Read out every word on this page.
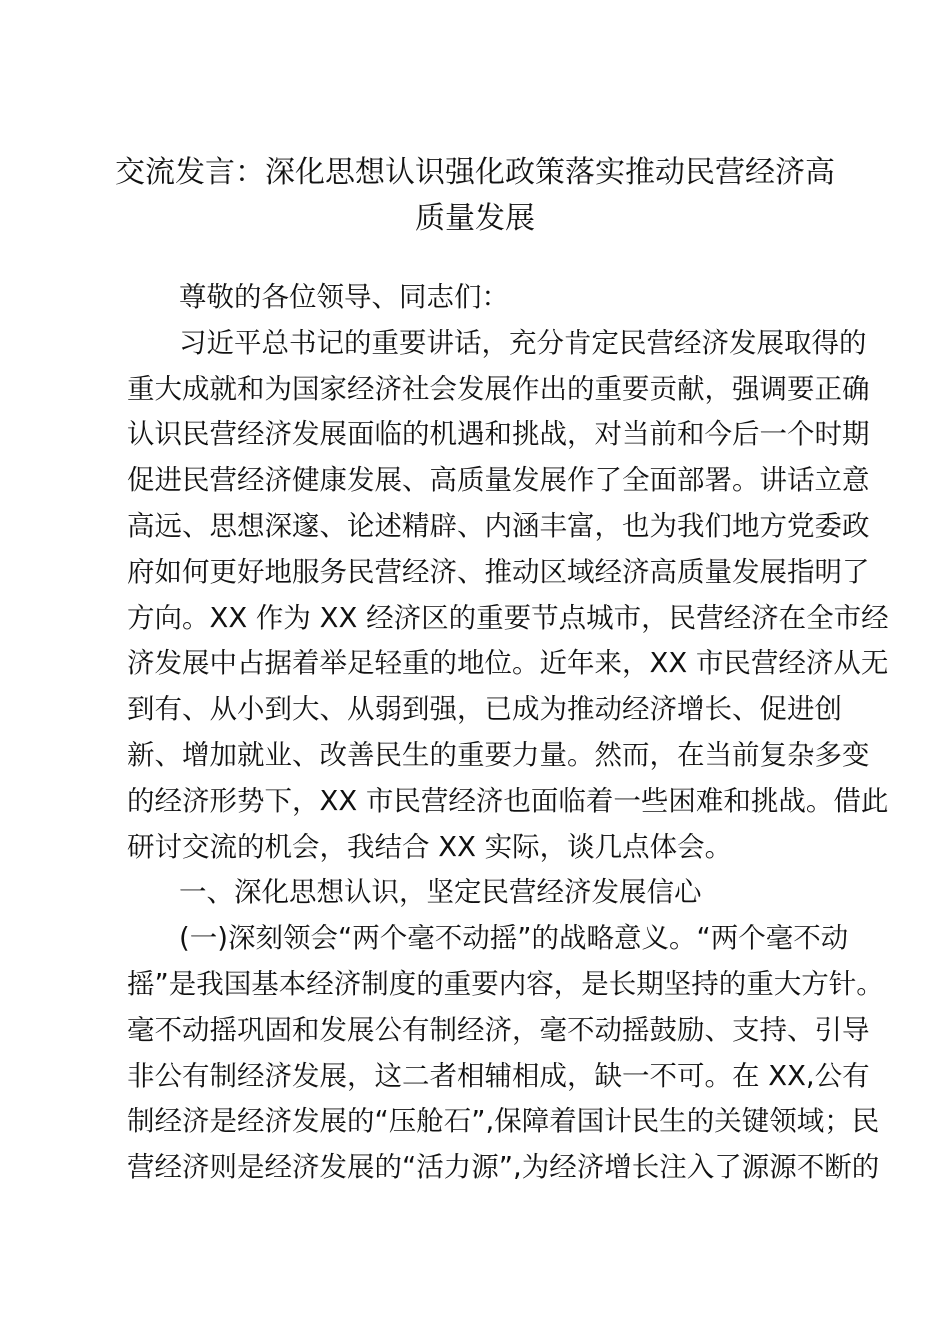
交流发言：深化思想认识强化政策落实推动民营经济高
质量发展
尊敬的各位领导、同志们：
习近平总书记的重要讲话，充分肯定民营经济发展取得的
重大成就和为国家经济社会发展作出的重要贡献，强调要正确
认识民营经济发展面临的机遇和挑战，对当前和今后一个时期
促进民营经济健康发展、高质量发展作了全面部署。讲话立意
高远、思想深邃、论述精辟、内涵丰富，也为我们地方党委政
府如何更好地服务民营经济、推动区域经济高质量发展指明了
方向。XX 作为 XX 经济区的重要节点城市，民营经济在全市经
济发展中占据着举足轻重的地位。近年来，XX 市民营经济从无
到有、从小到大、从弱到强，已成为推动经济增长、促进创
新、增加就业、改善民生的重要力量。然而，在当前复杂多变
的经济形势下，XX 市民营经济也面临着一些困难和挑战。借此
研讨交流的机会，我结合 XX 实际，谈几点体会。
一、深化思想认识，坚定民营经济发展信心
(一)深刻领会“两个毫不动摇”的战略意义。“两个毫不动
摇”是我国基本经济制度的重要内容，是长期坚持的重大方针。
毫不动摇巩固和发展公有制经济，毫不动摇鼓励、支持、引导
非公有制经济发展，这二者相辅相成，缺一不可。在 XX,公有
制经济是经济发展的“压舱石”,保障着国计民生的关键领域；民
营经济则是经济发展的“活力源”,为经济增长注入了源源不断的
